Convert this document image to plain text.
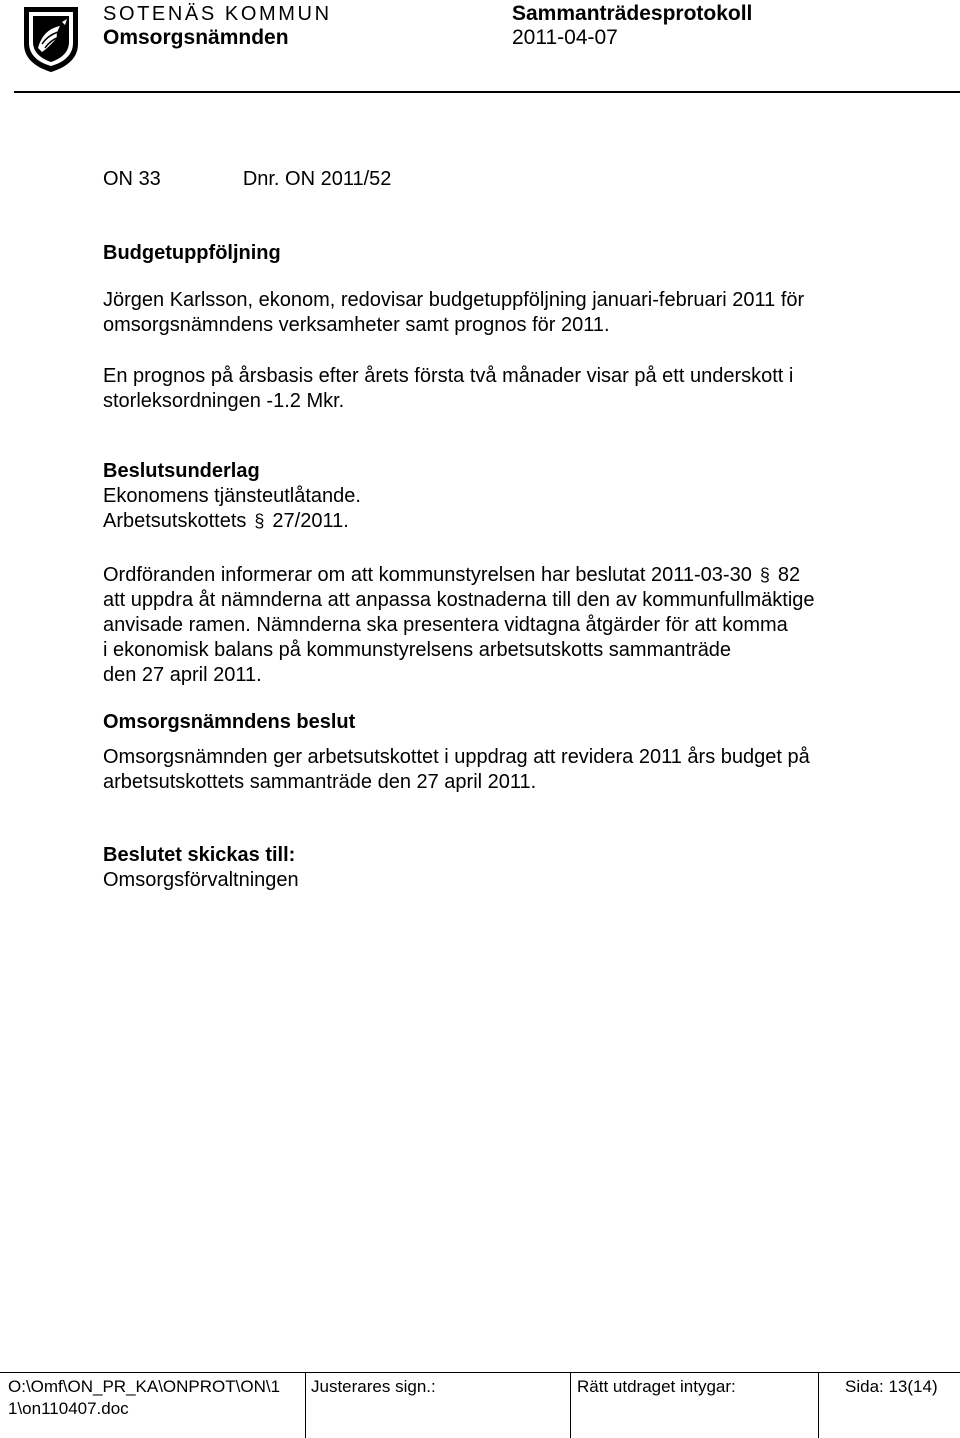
SOTENÄS KOMMUN
Omsorgsnämnden
Sammanträdesprotokoll
2011-04-07
ON 33	Dnr. ON 2011/52
Budgetuppföljning
Jörgen Karlsson, ekonom, redovisar budgetuppföljning januari-februari 2011 för
omsorgsnämndens verksamheter samt prognos för 2011.
En prognos på årsbasis efter årets första två månader visar på ett underskott i
storleksordningen -1.2 Mkr.
Beslutsunderlag
Ekonomens tjänsteutlåtande.
Arbetsutskottets § 27/2011.
Ordföranden informerar om att kommunstyrelsen har beslutat 2011-03-30 § 82
att uppdra åt nämnderna att anpassa kostnaderna till den av kommunfullmäktige
anvisade ramen. Nämnderna ska presentera vidtagna åtgärder för att komma
i ekonomisk balans på kommunstyrelsens arbetsutskotts sammanträde
den 27 april 2011.
Omsorgsnämndens beslut
Omsorgsnämnden ger arbetsutskottet i uppdrag att revidera 2011 års budget på
arbetsutskottets sammanträde den 27 april 2011.
Beslutet skickas till:
Omsorgsförvaltningen
O:\Omf\ON_PR_KA\ONPROT\ON\1
1\on110407.doc
Justerares sign.:	Rätt utdraget intygar:	Sida: 13(14)
